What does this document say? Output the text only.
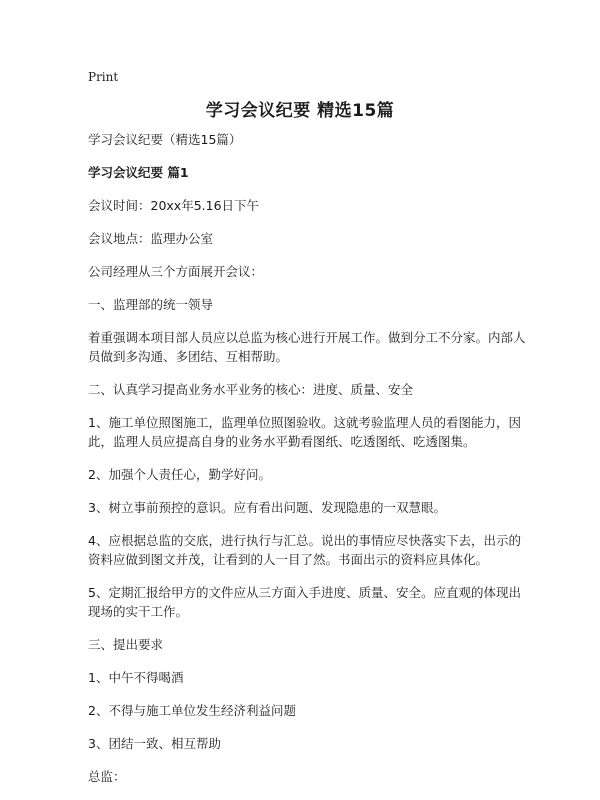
Print
学习会议纪要 精选15篇

学习会议纪要（精选15篇）

学习会议纪要 篇1

会议时间：20xx年5.16日下午

会议地点：监理办公室

公司经理从三个方面展开会议：

一、监理部的统一领导

着重强调本项目部人员应以总监为核心进行开展工作。做到分工不分家。内部人员做到多沟通、多团结、互相帮助。

二、认真学习提高业务水平业务的核心：进度、质量、安全

1、施工单位照图施工，监理单位照图验收。这就考验监理人员的看图能力，因此，监理人员应提高自身的业务水平勤看图纸、吃透图纸、吃透图集。

2、加强个人责任心，勤学好问。

3、树立事前预控的意识。应有看出问题、发现隐患的一双慧眼。

4、应根据总监的交底，进行执行与汇总。说出的事情应尽快落实下去，出示的资料应做到图文并茂，让看到的人一目了然。书面出示的资料应具体化。

5、定期汇报给甲方的文件应从三方面入手进度、质量、安全。应直观的体现出现场的实干工作。

三、提出要求

1、中午不得喝酒

2、不得与施工单位发生经济利益问题

3、团结一致、相互帮助

总监：
